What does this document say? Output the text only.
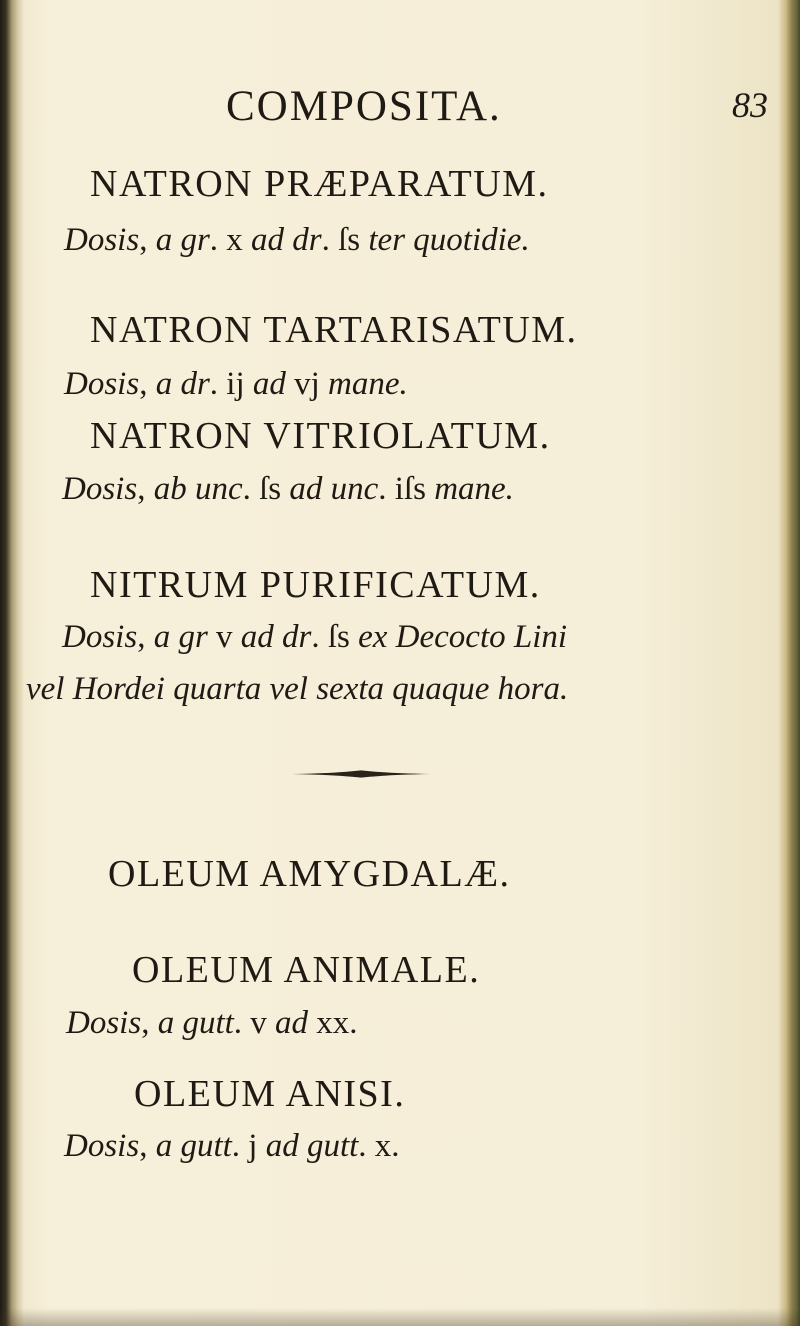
COMPOSITA.	83
NATRON PRÆPARATUM.
Dosis, a gr. x ad dr. ſs ter quotidie.
NATRON TARTARISATUM.
Dosis, a dr. ij ad vj mane.
NATRON VITRIOLATUM.
Dosis, ab unc. ſs ad unc. iſs mane.
NITRUM PURIFICATUM.
Dosis, a gr v ad dr. ſs ex Decocto Lini
vel Hordei quarta vel sexta quaque hora.
OLEUM AMYGDALÆ.
OLEUM ANIMALE.
Dosis, a gutt. v ad xx.
OLEUM ANISI.
Dosis, a gutt. j ad gutt. x.
